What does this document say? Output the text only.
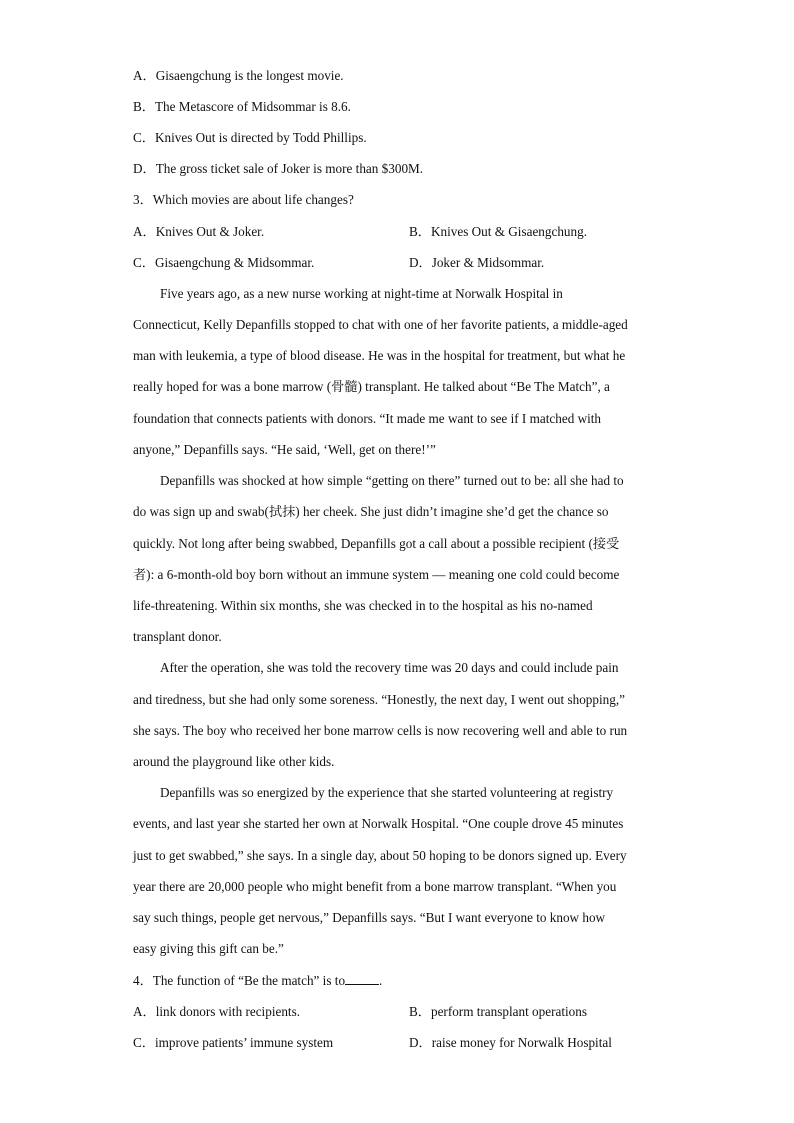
A．Gisaengchung is the longest movie.
B．The Metascore of Midsommar is 8.6.
C．Knives Out is directed by Todd Phillips.
D．The gross ticket sale of Joker is more than $300M.
3．Which movies are about life changes?
A．Knives Out & Joker.	B．Knives Out & Gisaengchung.
C．Gisaengchung & Midsommar.	D．Joker & Midsommar.
Five years ago, as a new nurse working at night-time at Norwalk Hospital in
Connecticut, Kelly Depanfills stopped to chat with one of her favorite patients, a middle-aged
man with leukemia, a type of blood disease. He was in the hospital for treatment, but what he
really hoped for was a bone marrow (骨髓) transplant. He talked about “Be The Match”, a
foundation that connects patients with donors. “It made me want to see if I matched with
anyone,” Depanfills says. “He said, ‘Well, get on there!’”
Depanfills was shocked at how simple “getting on there” turned out to be: all she had to
do was sign up and swab(拭抹) her cheek. She just didn’t imagine she’d get the chance so
quickly. Not long after being swabbed, Depanfills got a call about a possible recipient (接受
者): a 6-month-old boy born without an immune system — meaning one cold could become
life-threatening. Within six months, she was checked in to the hospital as his no-named
transplant donor.
After the operation, she was told the recovery time was 20 days and could include pain
and tiredness, but she had only some soreness. “Honestly, the next day, I went out shopping,”
she says. The boy who received her bone marrow cells is now recovering well and able to run
around the playground like other kids.
Depanfills was so energized by the experience that she started volunteering at registry
events, and last year she started her own at Norwalk Hospital. “One couple drove 45 minutes
just to get swabbed,” she says. In a single day, about 50 hoping to be donors signed up. Every
year there are 20,000 people who might benefit from a bone marrow transplant. “When you
say such things, people get nervous,” Depanfills says. “But I want everyone to know how
easy giving this gift can be.”
4．The function of “Be the match” is to	.
A．link donors with recipients.	B．perform transplant operations
C．improve patients’ immune system	D．raise money for Norwalk Hospital
